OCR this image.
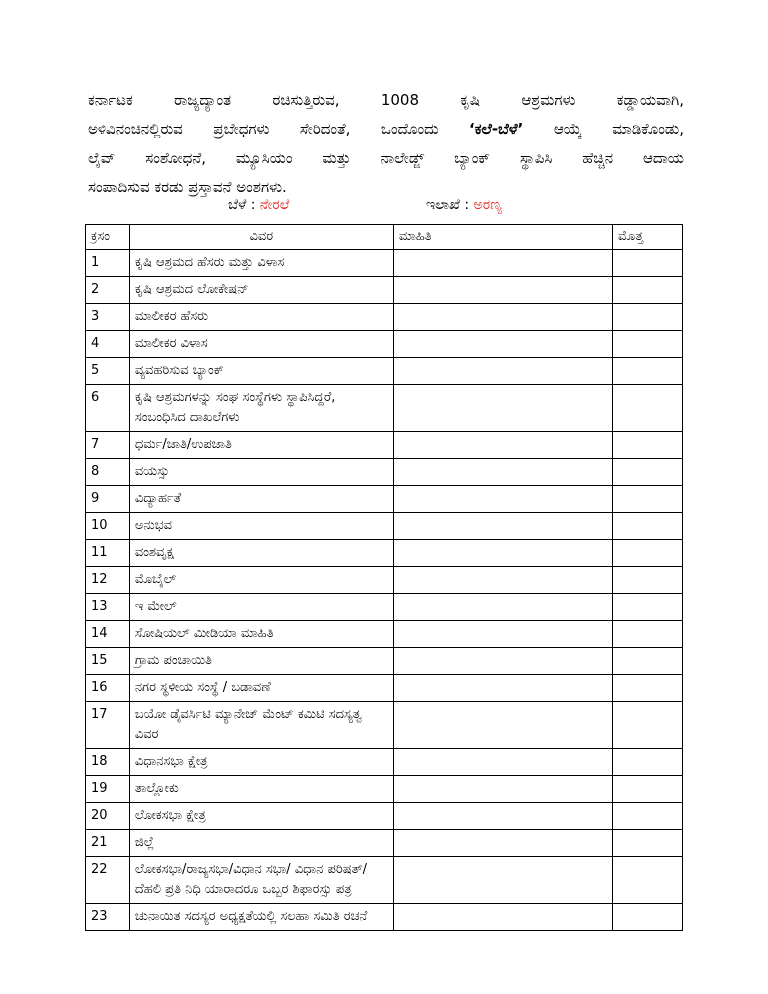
ಕರ್ನಾಟಕ ರಾಜ್ಯದ್ಯಾಂತ ರಚಿಸುತ್ತಿರುವ, 1008 ಕೃಷಿ ಆಶ್ರಮಗಳು ಕಡ್ಡಾಯವಾಗಿ,
ಅಳಿವಿನಂಚಿನಲ್ಲಿರುವ ಪ್ರಬೇಧಗಳು ಸೇರಿದಂತೆ, ಒಂದೊಂದು ‘ಕಲೆ-ಬೆಳೆ’ ಆಯ್ಕೆ ಮಾಡಿಕೊಂಡು,
ಲೈವ್ ಸಂಶೋಧನೆ, ಮ್ಯೂಸಿಯಂ ಮತ್ತು ನಾಲೇಡ್ಜ್ ಬ್ಯಾಂಕ್ ಸ್ಥಾಪಿಸಿ ಹೆಚ್ಚಿನ ಆದಾಯ
ಸಂಪಾದಿಸುವ ಕರಡು ಪ್ರಸ್ತಾವನೆ ಅಂಶಗಳು.
ಬೆಳೆ : ನೇರಲೆ	ಇಲಾಖೆ : ಅರಣ್ಯ
ಕ್ರಸಂ	ವಿವರ	ಮಾಹಿತಿ	ಮೊತ್ತ
1	ಕೃಷಿ ಆಶ್ರಮದ ಹೆಸರು ಮತ್ತು ವಿಳಾಸ		
2	ಕೃಷಿ ಆಶ್ರಮದ ಲೋಕೇಷನ್		
3	ಮಾಲೀಕರ ಹೆಸರು		
4	ಮಾಲೀಕರ ವಿಳಾಸ		
5	ವ್ಯವಹರಿಸುವ ಬ್ಯಾಂಕ್		
6	ಕೃಷಿ ಆಶ್ರಮಗಳನ್ನು ಸಂಘ ಸಂಸ್ಥೆಗಳು ಸ್ಥಾಪಿಸಿದ್ದರೆ, ಸಂಬಂಧಿಸಿದ ದಾಖಲೆಗಳು		
7	ಧರ್ಮ/ಜಾತಿ/ಉಪಜಾತಿ		
8	ವಯಸ್ಸು		
9	ವಿದ್ಯಾರ್ಹತೆ		
10	ಅನುಭವ		
11	ವಂಶವೃಕ್ಷ		
12	ಮೊಬೈಲ್		
13	ಇ ಮೇಲ್		
14	ಸೋಷಿಯಲ್ ಮೀಡಿಯಾ ಮಾಹಿತಿ		
15	ಗ್ರಾಮ ಪಂಚಾಯಿತಿ		
16	ನಗರ ಸ್ಥಳೀಯ ಸಂಸ್ಥೆ / ಬಡಾವಣೆ		
17	ಬಯೋ ಡೈವರ್ಸಿಟಿ ಮ್ಯಾನೇಜ್ ಮೆಂಟ್ ಕಮಿಟಿ ಸದಸ್ಯತ್ವ ವಿವರ		
18	ವಿಧಾನಸಭಾ ಕ್ಷೇತ್ರ		
19	ತಾಲ್ಲೋಕು		
20	ಲೋಕಸಭಾ ಕ್ಷೇತ್ರ		
21	ಜಿಲ್ಲೆ		
22	ಲೋಕಸಭಾ/ರಾಜ್ಯಸಭಾ/ವಿಧಾನ ಸಭಾ/ ವಿಧಾನ ಪರಿಷತ್/ ದೆಹಲಿ ಪ್ರತಿ ನಿಧಿ ಯಾರಾದರೂ ಒಬ್ಬರ ಶಿಫಾರಸ್ಸು ಪತ್ರ		
23	ಚುನಾಯಿತ ಸದಸ್ಯರ ಅಧ್ಯಕ್ಷತೆಯಲ್ಲಿ ಸಲಹಾ ಸಮಿತಿ ರಚನೆ		
